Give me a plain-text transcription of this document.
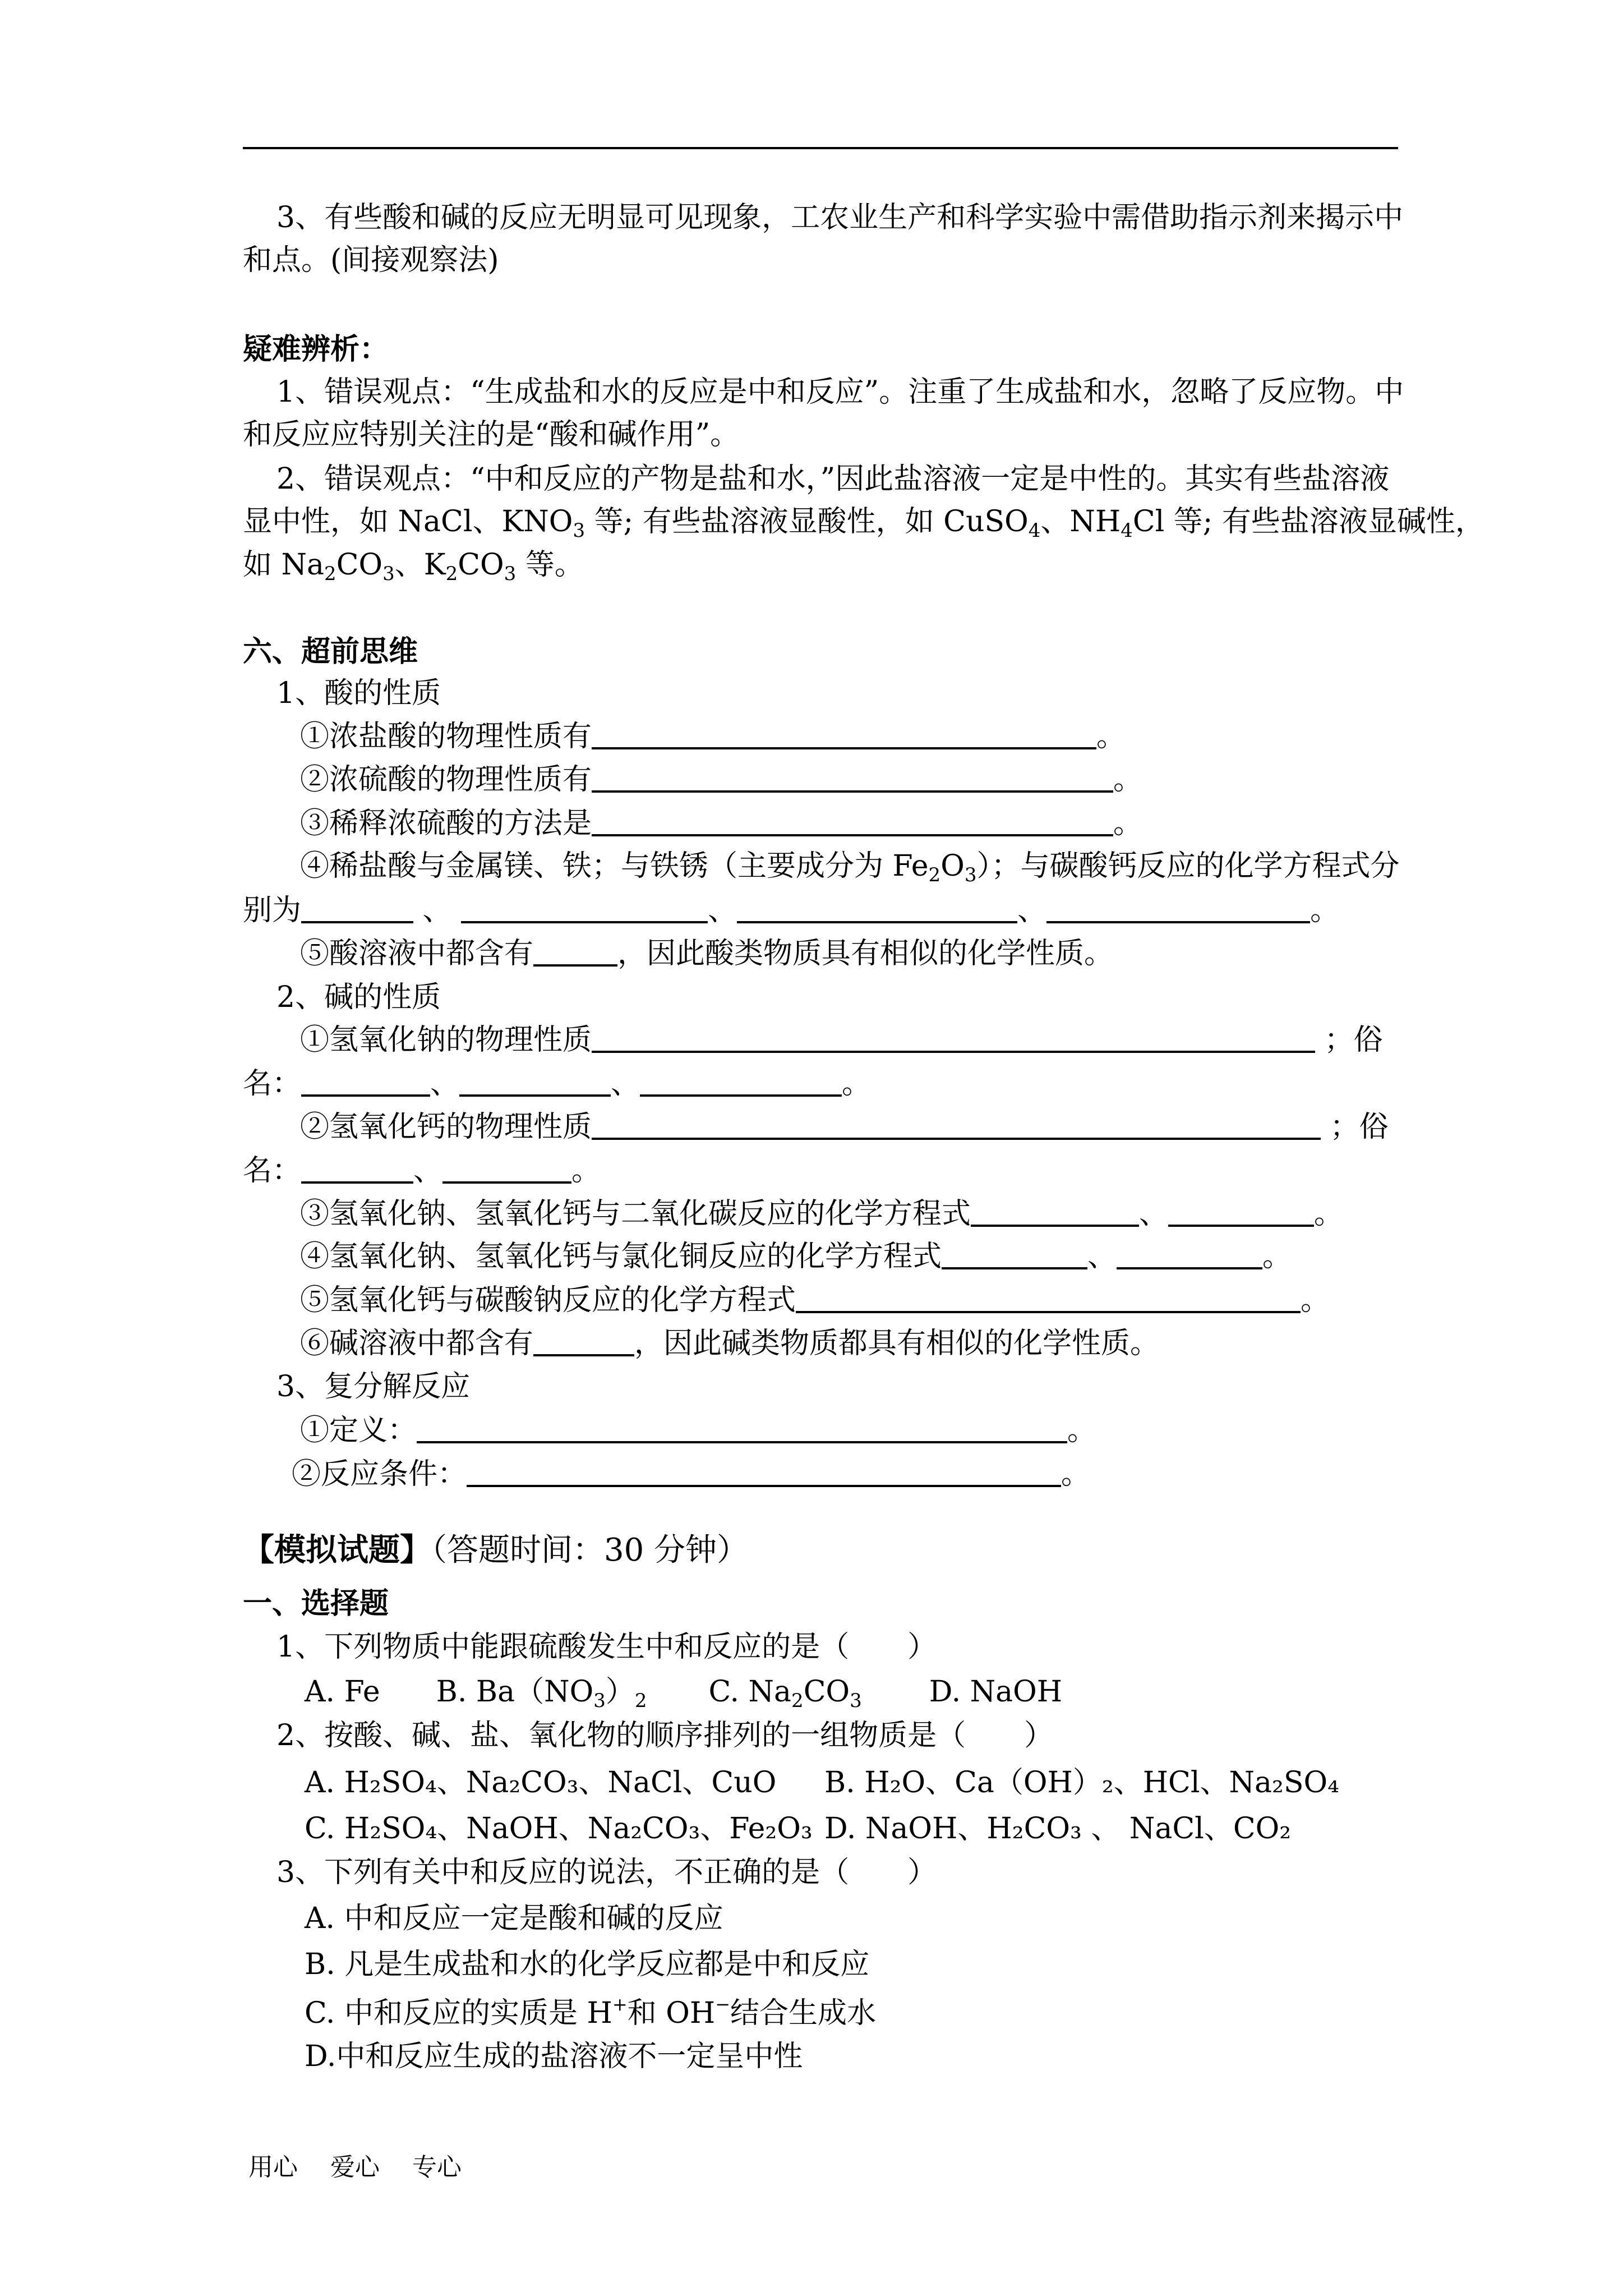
3、有些酸和碱的反应无明显可见现象，工农业生产和科学实验中需借助指示剂来揭示中
和点。(间接观察法)
疑难辨析：
1、错误观点：“生成盐和水的反应是中和反应”。注重了生成盐和水，忽略了反应物。中
和反应应特别关注的是“酸和碱作用”。
2、错误观点：“中和反应的产物是盐和水，”因此盐溶液一定是中性的。其实有些盐溶液
显中性，如 NaCl、$KNO_3$ 等; 有些盐溶液显酸性，如 CuSO$_4$、$NH_4Cl$ 等; 有些盐溶液显碱性，
如 $Na_2CO_3$、$K_2CO_3$ 等。
六、超前思维
1、酸的性质
①浓盐酸的物理性质有	。
②浓硫酸的物理性质有	。
③稀释浓硫酸的方法是	。
④稀盐酸与金属镁、铁；与铁锈（主要成分为 $Fe_2O_3$）；与碳酸钙反应的化学方程式分
别为	、	、	、	。
⑤酸溶液中都含有	，因此酸类物质具有相似的化学性质。
2、碱的性质
①氢氧化钠的物理性质	；俗
名：	、	、	。
②氢氧化钙的物理性质	；俗
名：	、	。
③氢氧化钠、氢氧化钙与二氧化碳反应的化学方程式	、	。
④氢氧化钠、氢氧化钙与氯化铜反应的化学方程式	、	。
⑤氢氧化钙与碳酸钠反应的化学方程式	。
⑥碱溶液中都含有	，因此碱类物质都具有相似的化学性质。
3、复分解反应
①定义：	。
②反应条件：	。
【模拟试题】（答题时间：30 分钟）
一、选择题
1、下列物质中能跟硫酸发生中和反应的是（　　）
A. Fe B. $Ba(NO_3)_2$ C. $Na_2CO_3$ D. NaOH
2、按酸、碱、盐、氧化物的顺序排列的一组物质是（　　）
A. H₂SO₄、Na₂CO₃、NaCl、CuO B. H₂O、Ca（OH）₂、HCl、Na₂SO₄
C. H₂SO₄、NaOH、Na₂CO₃、Fe₂O₃ D. NaOH、H₂CO₃ 、 NaCl、CO₂
3、下列有关中和反应的说法，不正确的是（　　）
A. 中和反应一定是酸和碱的反应
B. 凡是生成盐和水的化学反应都是中和反应
C. 中和反应的实质是 H+和 OH−结合生成水
D.中和反应生成的盐溶液不一定呈中性
用心　 爱心　 专心
